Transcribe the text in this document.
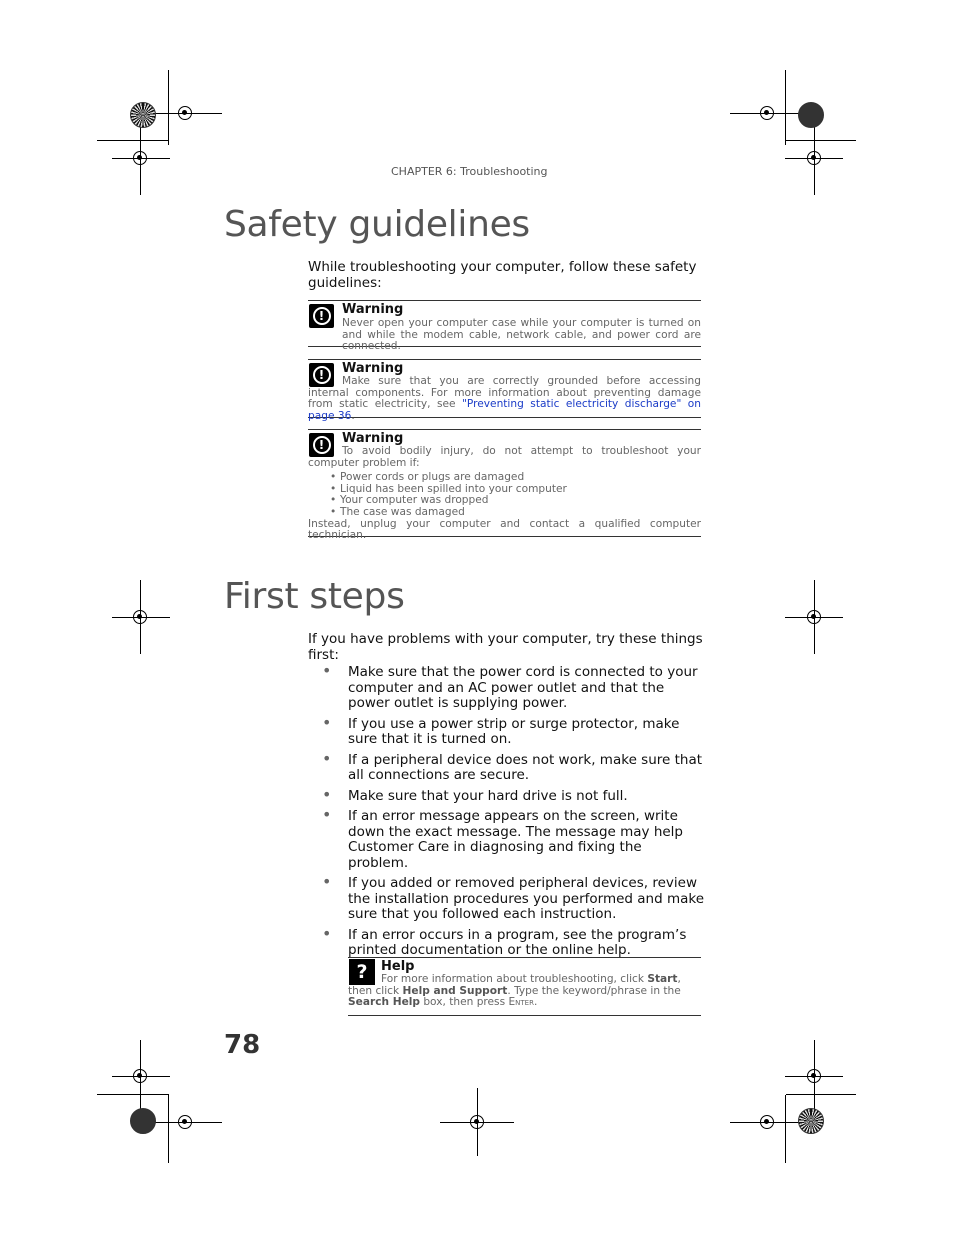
CHAPTER 6: Troubleshooting
Safety guidelines
While troubleshooting your computer, follow these safety guidelines:
!	Warning
Never open your computer case while your computer is turned on and while the modem cable, network cable, and power cord are connected.
!	Warning
Make sure that you are correctly grounded before accessing internal components. For more information about preventing damage from static electricity, see "Preventing static electricity discharge" on page 36.
!	Warning
To avoid bodily injury, do not attempt to troubleshoot your computer problem if:
• Power cords or plugs are damaged
• Liquid has been spilled into your computer
• Your computer was dropped
• The case was damaged
Instead, unplug your computer and contact a qualified computer technician.
First steps
If you have problems with your computer, try these things first:
• Make sure that the power cord is connected to your computer and an AC power outlet and that the power outlet is supplying power.
• If you use a power strip or surge protector, make sure that it is turned on.
• If a peripheral device does not work, make sure that all connections are secure.
• Make sure that your hard drive is not full.
• If an error message appears on the screen, write down the exact message. The message may help Customer Care in diagnosing and fixing the problem.
• If you added or removed peripheral devices, review the installation procedures you performed and make sure that you followed each instruction.
• If an error occurs in a program, see the program’s printed documentation or the online help.
?	Help
For more information about troubleshooting, click Start, then click Help and Support. Type the keyword/phrase in the Search Help box, then press Enter.
78
